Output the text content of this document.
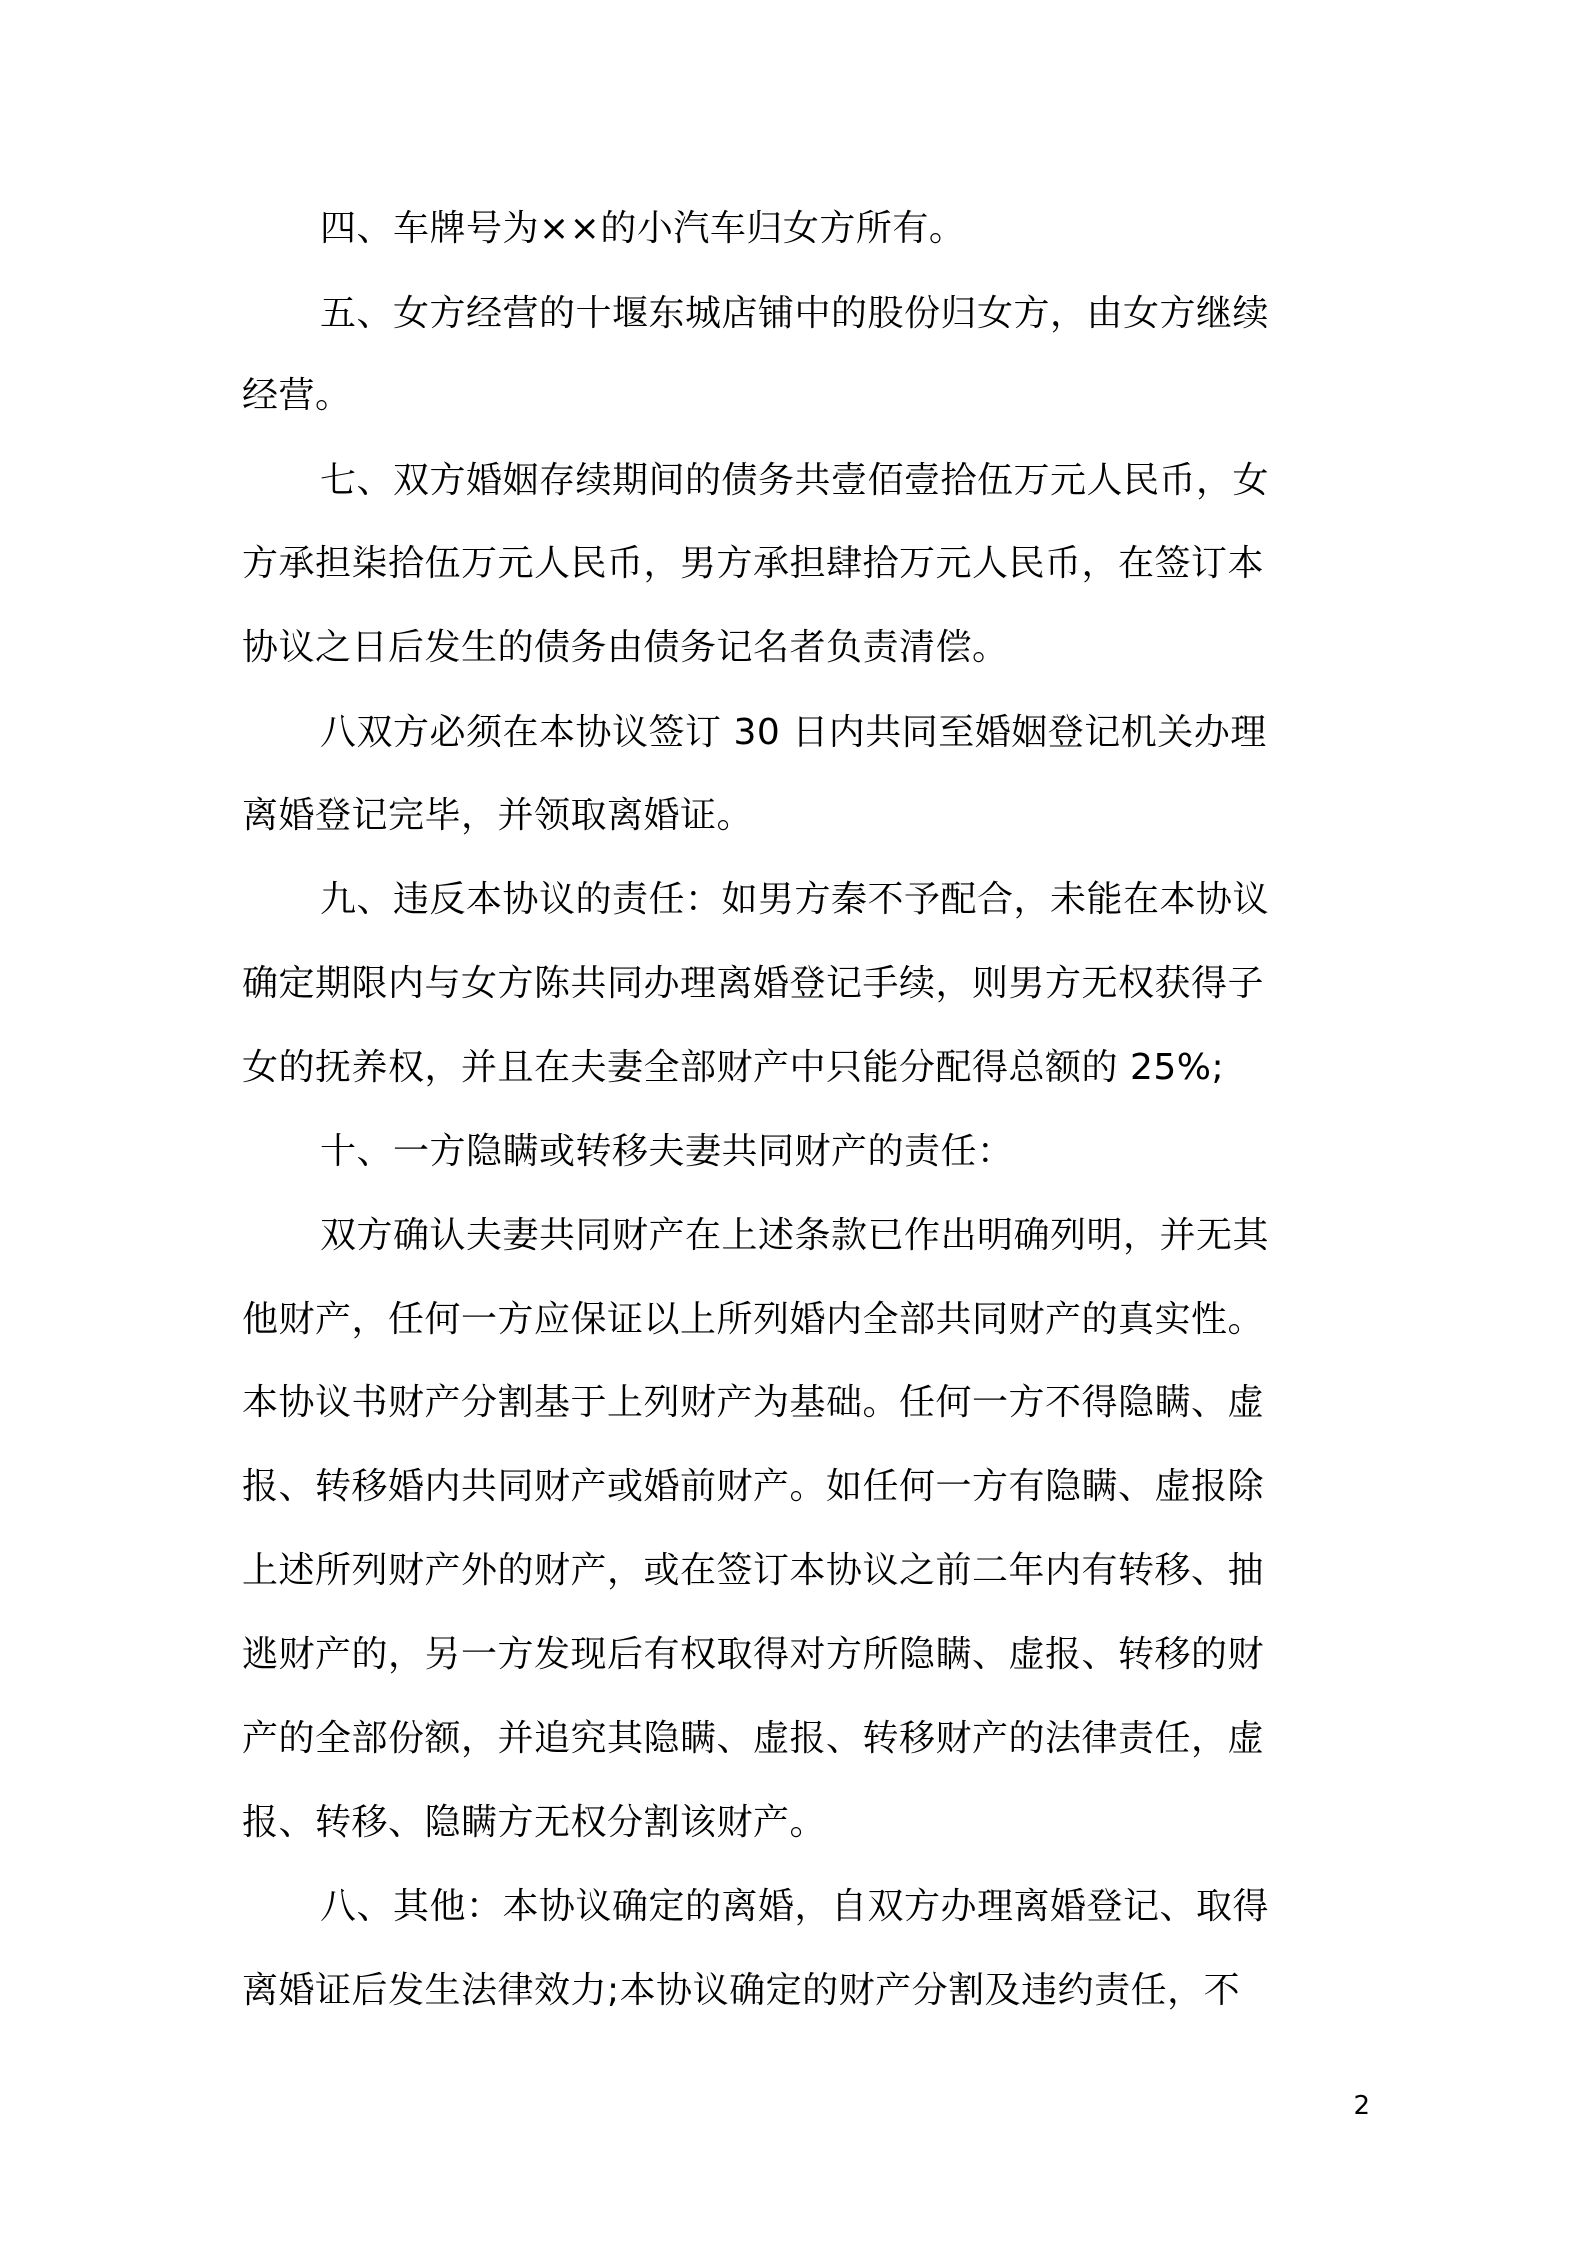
四、车牌号为××的小汽车归女方所有。
五、女方经营的十堰东城店铺中的股份归女方，由女方继续
经营。
七、双方婚姻存续期间的债务共壹佰壹拾伍万元人民币，女
方承担柒拾伍万元人民币，男方承担肆拾万元人民币，在签订本
协议之日后发生的债务由债务记名者负责清偿。
八双方必须在本协议签订 30 日内共同至婚姻登记机关办理
离婚登记完毕，并领取离婚证。
九、违反本协议的责任：如男方秦不予配合，未能在本协议
确定期限内与女方陈共同办理离婚登记手续，则男方无权获得子
女的抚养权，并且在夫妻全部财产中只能分配得总额的 25%;
十、一方隐瞒或转移夫妻共同财产的责任：
双方确认夫妻共同财产在上述条款已作出明确列明，并无其
他财产，任何一方应保证以上所列婚内全部共同财产的真实性。
本协议书财产分割基于上列财产为基础。任何一方不得隐瞒、虚
报、转移婚内共同财产或婚前财产。如任何一方有隐瞒、虚报除
上述所列财产外的财产，或在签订本协议之前二年内有转移、抽
逃财产的，另一方发现后有权取得对方所隐瞒、虚报、转移的财
产的全部份额，并追究其隐瞒、虚报、转移财产的法律责任，虚
报、转移、隐瞒方无权分割该财产。
八、其他：本协议确定的离婚，自双方办理离婚登记、取得
离婚证后发生法律效力;本协议确定的财产分割及违约责任，不
2
